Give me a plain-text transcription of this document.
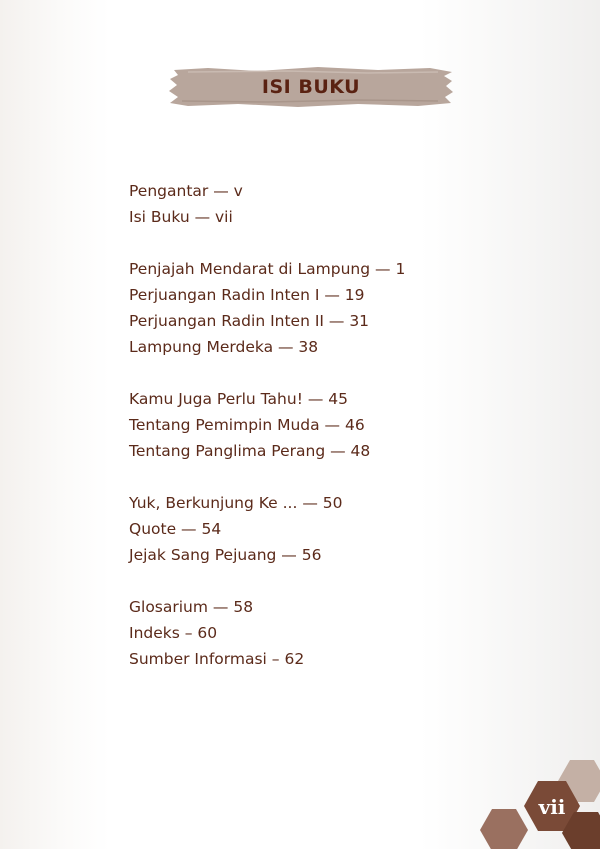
ISI BUKU
Pengantar — v
Isi Buku — vii
Penjajah Mendarat di Lampung — 1
Perjuangan Radin Inten I — 19
Perjuangan Radin Inten II — 31
Lampung Merdeka — 38
Kamu Juga Perlu Tahu! — 45
Tentang Pemimpin Muda — 46
Tentang Panglima Perang — 48
Yuk, Berkunjung Ke ... — 50
Quote — 54
Jejak Sang Pejuang — 56
Glosarium — 58
Indeks – 60
Sumber Informasi – 62
vii
